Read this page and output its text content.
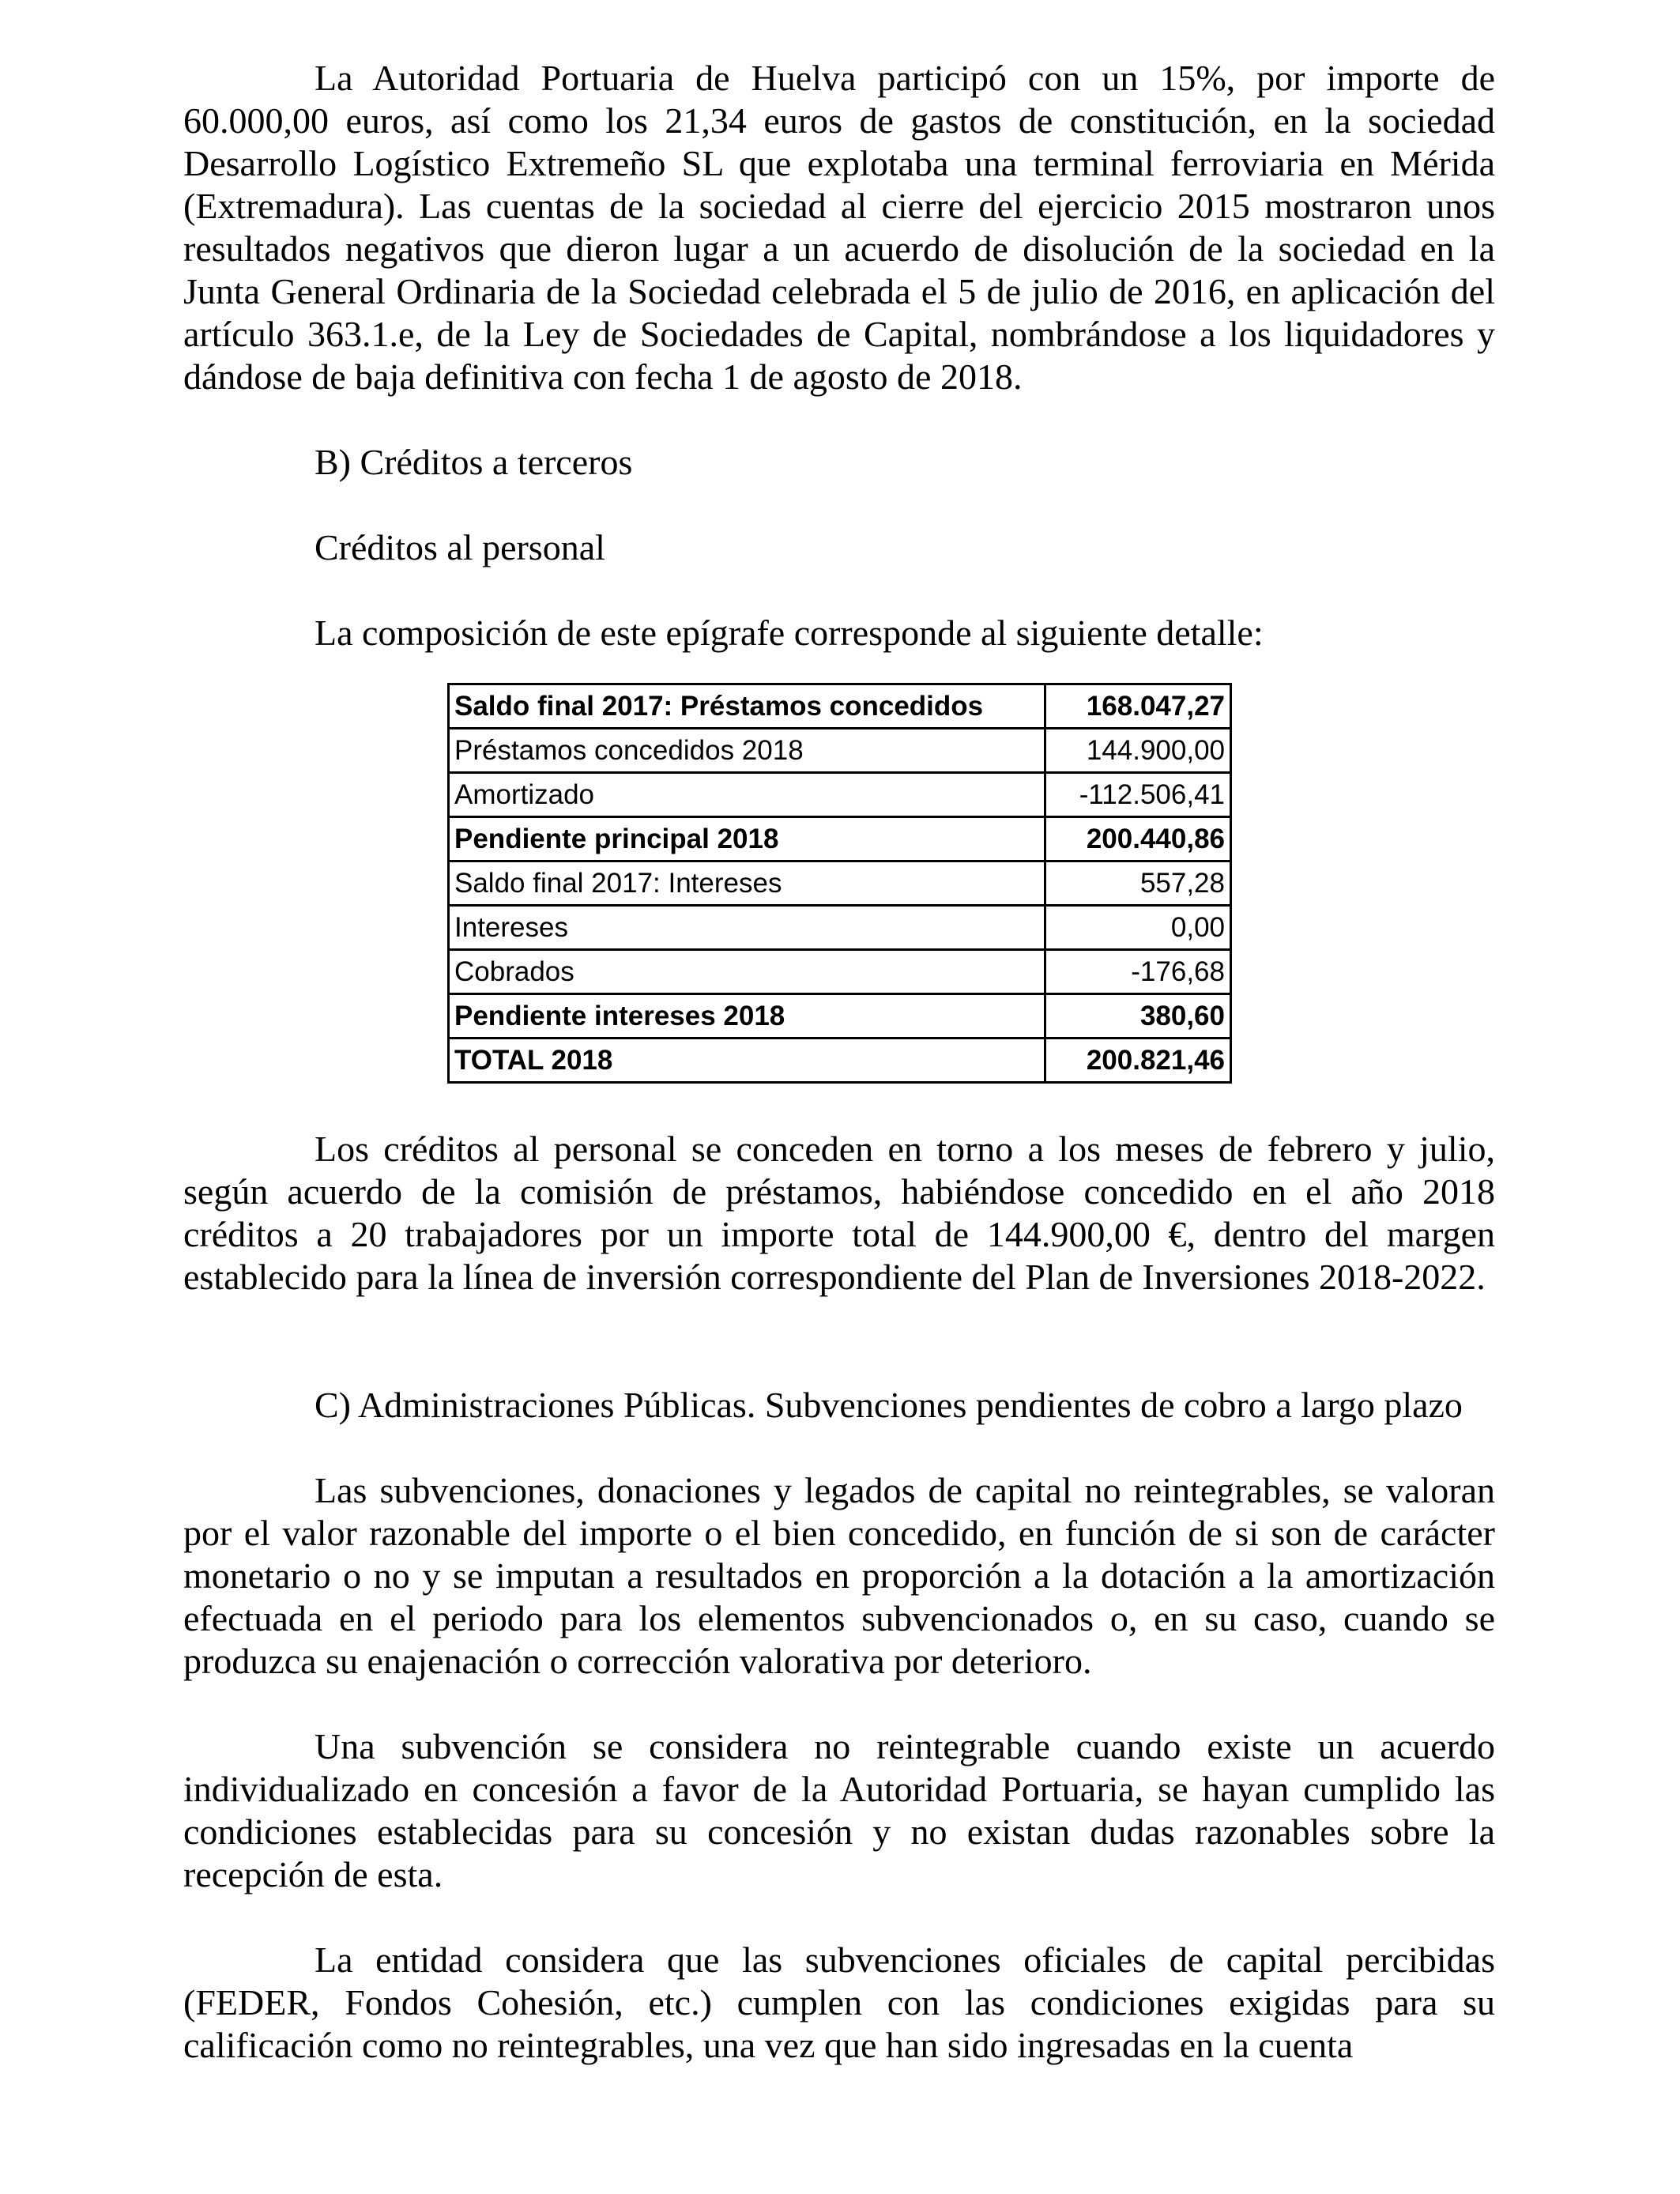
La Autoridad Portuaria de Huelva participó con un 15%, por importe de 60.000,00 euros, así como los 21,34 euros de gastos de constitución, en la sociedad Desarrollo Logístico Extremeño SL que explotaba una terminal ferroviaria en Mérida (Extremadura). Las cuentas de la sociedad al cierre del ejercicio 2015 mostraron unos resultados negativos que dieron lugar a un acuerdo de disolución de la sociedad en la Junta General Ordinaria de la Sociedad celebrada el 5 de julio de 2016, en aplicación del artículo 363.1.e, de la Ley de Sociedades de Capital, nombrándose a los liquidadores y dándose de baja definitiva con fecha 1 de agosto de 2018.

B) Créditos a terceros
Créditos al personal
La composición de este epígrafe corresponde al siguiente detalle:
Saldo final 2017: Préstamos concedidos	168.047,27
Préstamos concedidos 2018	144.900,00
Amortizado	-112.506,41
Pendiente principal 2018	200.440,86
Saldo final 2017: Intereses	557,28
Intereses	0,00
Cobrados	-176,68
Pendiente intereses 2018	380,60
TOTAL 2018	200.821,46

Los créditos al personal se conceden en torno a los meses de febrero y julio, según acuerdo de la comisión de préstamos, habiéndose concedido en el año 2018 créditos a 20 trabajadores por un importe total de 144.900,00 €, dentro del margen establecido para la línea de inversión correspondiente del Plan de Inversiones 2018-2022.

C) Administraciones Públicas. Subvenciones pendientes de cobro a largo plazo

Las subvenciones, donaciones y legados de capital no reintegrables, se valoran por el valor razonable del importe o el bien concedido, en función de si son de carácter monetario o no y se imputan a resultados en proporción a la dotación a la amortización efectuada en el periodo para los elementos subvencionados o, en su caso, cuando se produzca su enajenación o corrección valorativa por deterioro.

Una subvención se considera no reintegrable cuando existe un acuerdo individualizado en concesión a favor de la Autoridad Portuaria, se hayan cumplido las condiciones establecidas para su concesión y no existan dudas razonables sobre la recepción de esta.

La entidad considera que las subvenciones oficiales de capital percibidas (FEDER, Fondos Cohesión, etc.) cumplen con las condiciones exigidas para su calificación como no reintegrables, una vez que han sido ingresadas en la cuenta
